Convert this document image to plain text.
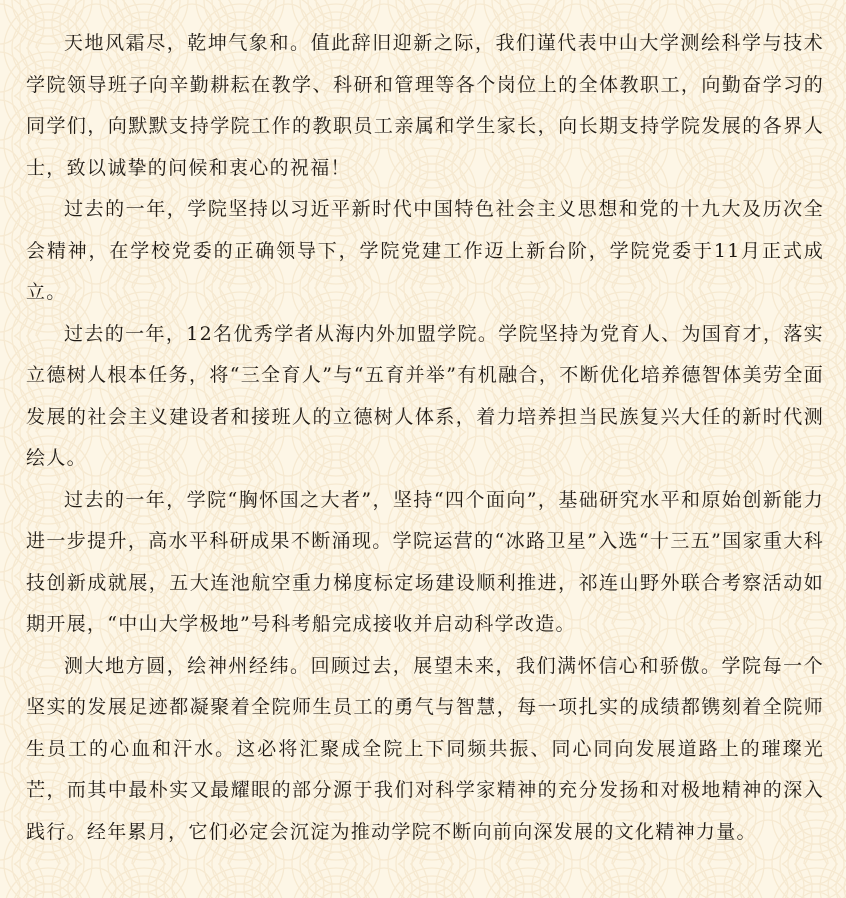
天地风霜尽，乾坤气象和。值此辞旧迎新之际，我们谨代表中山大学测绘科学与技术学院领导班子向辛勤耕耘在教学、科研和管理等各个岗位上的全体教职工，向勤奋学习的同学们，向默默支持学院工作的教职员工亲属和学生家长，向长期支持学院发展的各界人士，致以诚挚的问候和衷心的祝福！

过去的一年，学院坚持以习近平新时代中国特色社会主义思想和党的十九大及历次全会精神，在学校党委的正确领导下，学院党建工作迈上新台阶，学院党委于11月正式成立。

过去的一年，12名优秀学者从海内外加盟学院。学院坚持为党育人、为国育才，落实立德树人根本任务，将“三全育人”与“五育并举”有机融合，不断优化培养德智体美劳全面发展的社会主义建设者和接班人的立德树人体系，着力培养担当民族复兴大任的新时代测绘人。

过去的一年，学院“胸怀国之大者”，坚持“四个面向”，基础研究水平和原始创新能力进一步提升，高水平科研成果不断涌现。学院运营的“冰路卫星”入选“十三五”国家重大科技创新成就展，五大连池航空重力梯度标定场建设顺利推进，祁连山野外联合考察活动如期开展，“中山大学极地”号科考船完成接收并启动科学改造。

测大地方圆，绘神州经纬。回顾过去，展望未来，我们满怀信心和骄傲。学院每一个坚实的发展足迹都凝聚着全院师生员工的勇气与智慧，每一项扎实的成绩都镌刻着全院师生员工的心血和汗水。这必将汇聚成全院上下同频共振、同心同向发展道路上的璀璨光芒，而其中最朴实又最耀眼的部分源于我们对科学家精神的充分发扬和对极地精神的深入践行。经年累月，它们必定会沉淀为推动学院不断向前向深发展的文化精神力量。
